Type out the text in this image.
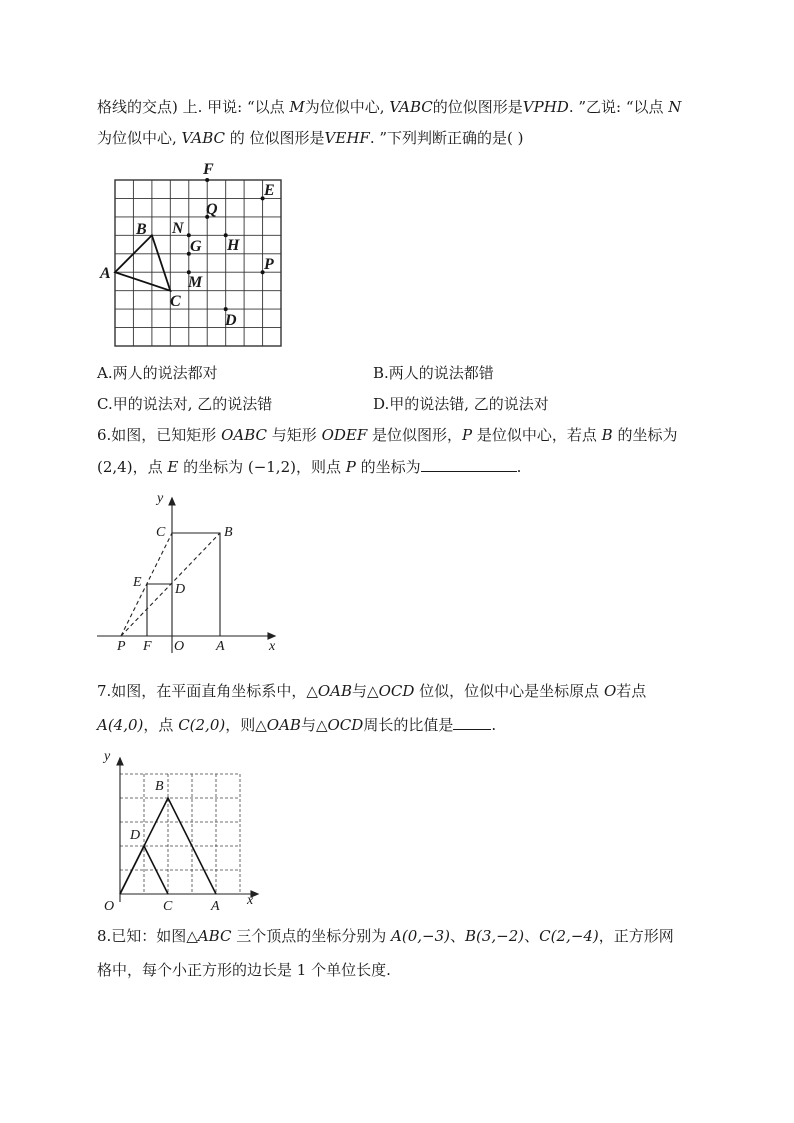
格线的交点) 上. 甲说: “以点 M为位似中心, VABC的位似图形是VPHD. ”乙说: “以点 N
为位似中心, VABC 的 位似图形是VEHF. ”下列判断正确的是( )
F
E
Q
N
B
G H
A
P
M
C
D
A.两人的说法都对	B.两人的说法都错
C.甲的说法对, 乙的说法错	D.甲的说法错, 乙的说法对
6.如图，已知矩形 OABC 与矩形 ODEF 是位似图形，P 是位似中心，若点 B 的坐标为
(2,4)，点 E 的坐标为 (−1,2)，则点 P 的坐标为	.
y
C	B
E D
P F O A	x
7.如图，在平面直角坐标系中，△OAB与△OCD 位似，位似中心是坐标原点 O若点
A(4,0)，点 C(2,0)，则△OAB与△OCD周长的比值是	.
y
B
D
O	C	A x
8.已知：如图△ABC 三个顶点的坐标分别为 A(0,−3)、B(3,−2)、C(2,−4)，正方形网
格中，每个小正方形的边长是 1 个单位长度.
